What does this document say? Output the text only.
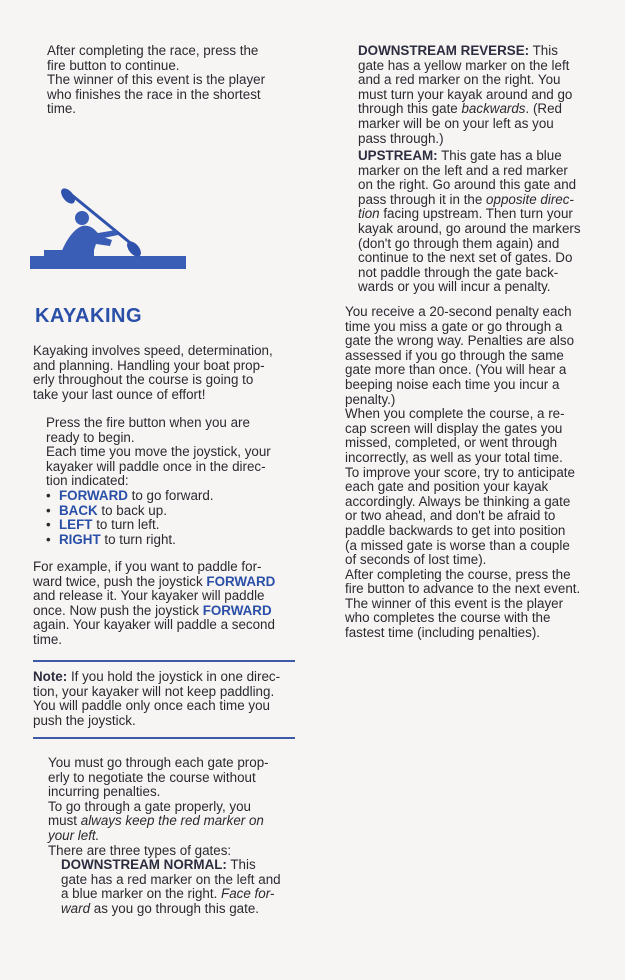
After completing the race, press the

fire button to continue.

The winner of this event is the player

who finishes the race in the shortest

time.

KAYAKING

Kayaking involves speed, determination,

and planning. Handling your boat prop-

erly throughout the course is going to

take your last ounce of effort!

Press the fire button when you are

ready to begin.

Each time you move the joystick, your

kayaker will paddle once in the direc-

tion indicated:

• FORWARD to go forward.
• BACK to back up.
• LEFT to turn left.
• RIGHT to turn right.

For example, if you want to paddle for-

ward twice, push the joystick FORWARD

and release it. Your kayaker will paddle

once. Now push the joystick FORWARD

again. Your kayaker will paddle a second

time.

Note: If you hold the joystick in one direc-

tion, your kayaker will not keep paddling.

You will paddle only once each time you

push the joystick.

You must go through each gate prop-

erly to negotiate the course without

incurring penalties.

To go through a gate properly, you

must always keep the red marker on

your left.

There are three types of gates:

DOWNSTREAM NORMAL: This

gate has a red marker on the left and

a blue marker on the right. Face for-

ward as you go through this gate.

DOWNSTREAM REVERSE: This

gate has a yellow marker on the left

and a red marker on the right. You

must turn your kayak around and go

through this gate backwards. (Red

marker will be on your left as you

pass through.)

UPSTREAM: This gate has a blue

marker on the left and a red marker

on the right. Go around this gate and

pass through it in the opposite direc-

tion facing upstream. Then turn your

kayak around, go around the markers

(don't go through them again) and

continue to the next set of gates. Do

not paddle through the gate back-

wards or you will incur a penalty.

You receive a 20-second penalty each

time you miss a gate or go through a

gate the wrong way. Penalties are also

assessed if you go through the same

gate more than once. (You will hear a

beeping noise each time you incur a

penalty.)

When you complete the course, a re-

cap screen will display the gates you

missed, completed, or went through

incorrectly, as well as your total time.

To improve your score, try to anticipate

each gate and position your kayak

accordingly. Always be thinking a gate

or two ahead, and don't be afraid to

paddle backwards to get into position

(a missed gate is worse than a couple

of seconds of lost time).

After completing the course, press the

fire button to advance to the next event.

The winner of this event is the player

who completes the course with the

fastest time (including penalties).
